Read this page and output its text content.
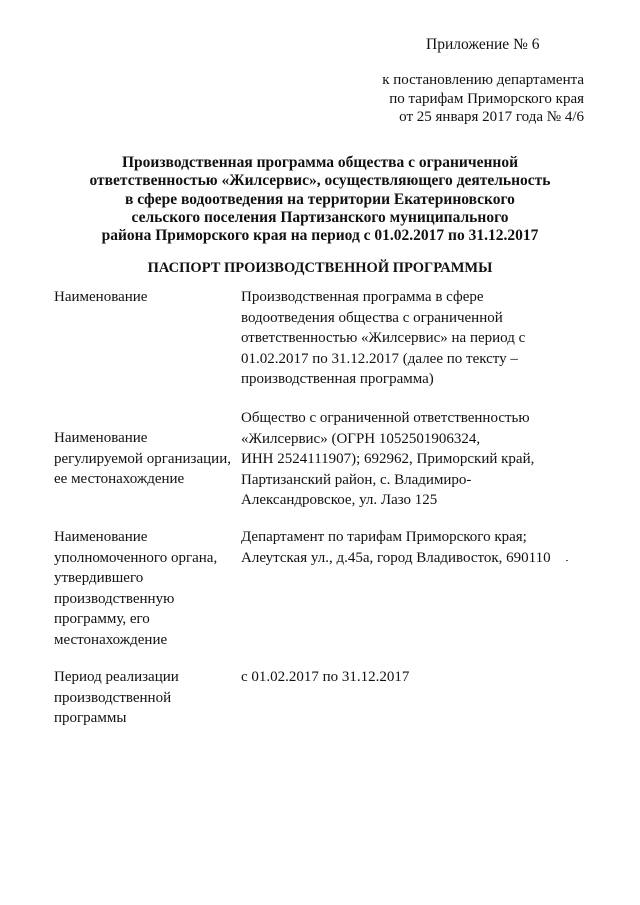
Приложение № 6
к постановлению департамента
по тарифам Приморского края
от 25 января 2017 года № 4/6
Производственная программа общества с ограниченной
ответственностью «Жилсервис», осуществляющего деятельность
в сфере водоотведения на территории Екатериновского
сельского поселения Партизанского муниципального
района Приморского края на период с 01.02.2017 по 31.12.2017
ПАСПОРТ ПРОИЗВОДСТВЕННОЙ ПРОГРАММЫ
Наименование	Производственная программа в сфере
водоотведения общества с ограниченной
ответственностью «Жилсервис» на период с
01.02.2017 по 31.12.2017 (далее по тексту –
производственная программа)
Наименование
регулируемой организации,
ее местонахождение
Общество с ограниченной ответственностью
«Жилсервис» (ОГРН 1052501906324,
ИНН 2524111907); 692962, Приморский край,
Партизанский район, с. Владимиро-
Александровское, ул. Лазо 125
Наименование
уполномоченного органа,
утвердившего
производственную
программу, его
местонахождение
Департамент по тарифам Приморского края;
Алеутская ул., д.45а, город Владивосток, 690110
Период реализации
производственной
программы
с 01.02.2017 по 31.12.2017
